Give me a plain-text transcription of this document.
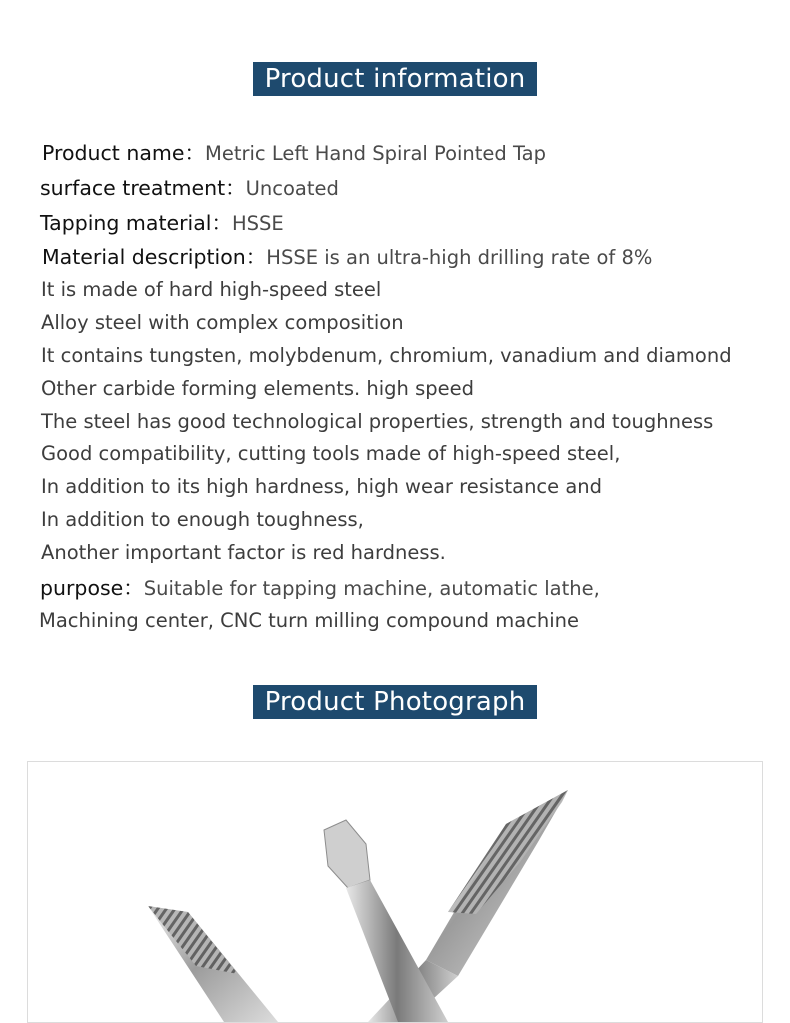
Product information
Product name：Metric Left Hand Spiral Pointed Tap
surface treatment：Uncoated
Tapping material：HSSE
Material description：HSSE is an ultra-high drilling rate of 8%
It is made of hard high-speed steel
Alloy steel with complex composition
It contains tungsten, molybdenum, chromium, vanadium and diamond
Other carbide forming elements. high speed
The steel has good technological properties, strength and toughness
Good compatibility, cutting tools made of high-speed steel,
In addition to its high hardness, high wear resistance and
In addition to enough toughness,
Another important factor is red hardness.
purpose：Suitable for tapping machine, automatic lathe,
Machining center, CNC turn milling compound machine
Product Photograph
